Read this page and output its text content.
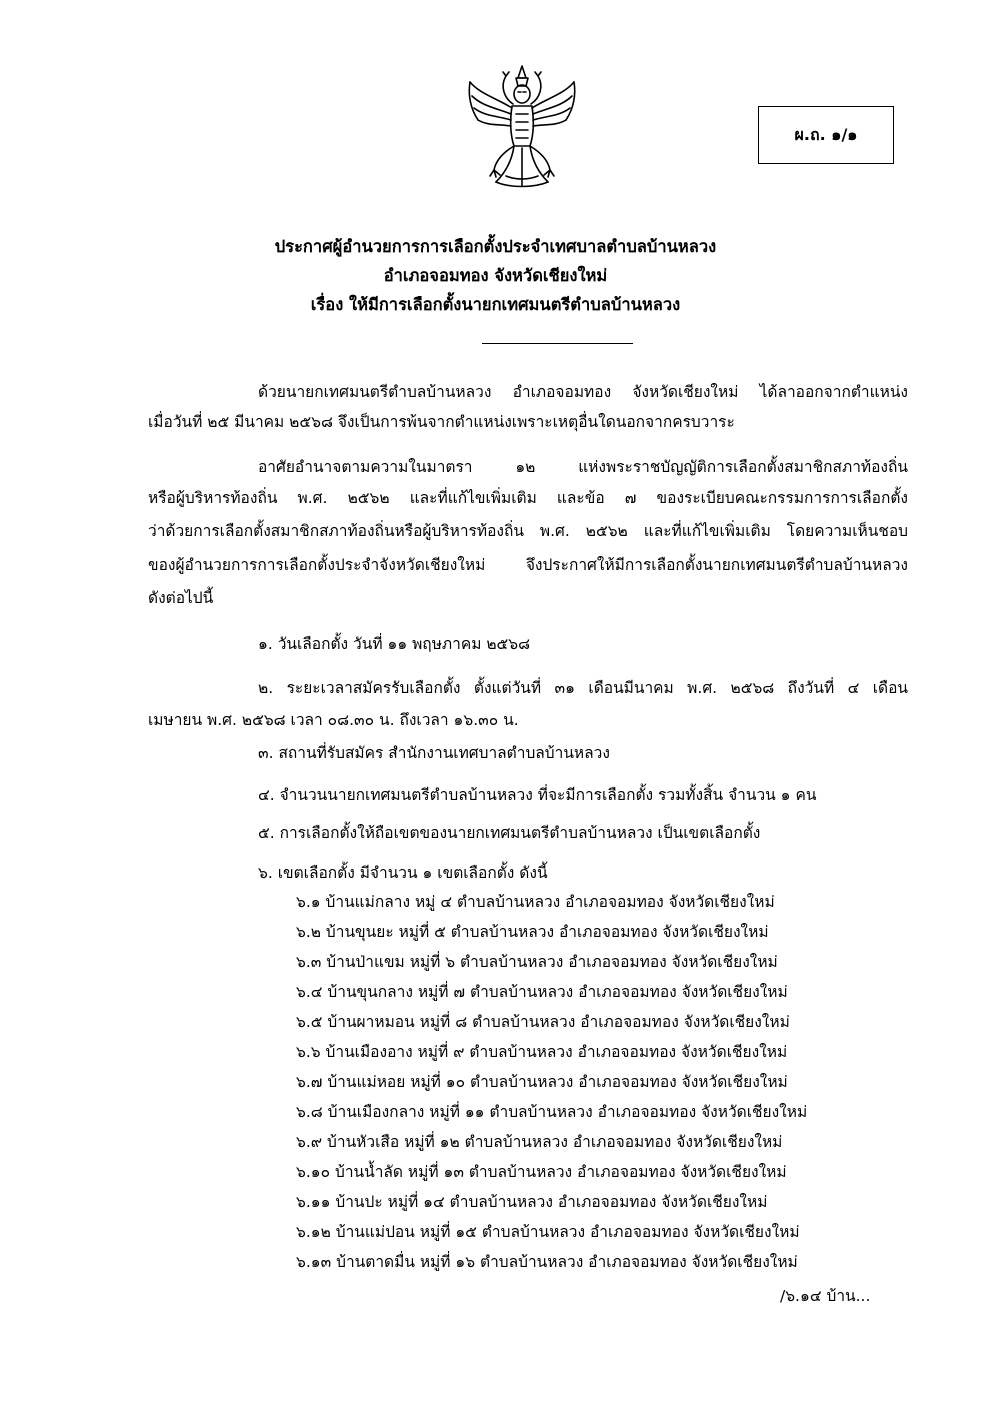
ผ.ถ. ๑/๑
ประกาศผู้อำนวยการการเลือกตั้งประจำเทศบาลตำบลบ้านหลวง
อำเภอจอมทอง จังหวัดเชียงใหม่
เรื่อง ให้มีการเลือกตั้งนายกเทศมนตรีตำบลบ้านหลวง
ด้วยนายกเทศมนตรีตำบลบ้านหลวง อำเภอจอมทอง จังหวัดเชียงใหม่ ได้ลาออกจากตำแหน่ง
เมื่อวันที่ ๒๕ มีนาคม ๒๕๖๘ จึงเป็นการพ้นจากตำแหน่งเพราะเหตุอื่นใดนอกจากครบวาระ
อาศัยอำนาจตามความในมาตรา ๑๒ แห่งพระราชบัญญัติการเลือกตั้งสมาชิกสภาท้องถิ่น
หรือผู้บริหารท้องถิ่น พ.ศ. ๒๕๖๒ และที่แก้ไขเพิ่มเติม และข้อ ๗ ของระเบียบคณะกรรมการการเลือกตั้ง
ว่าด้วยการเลือกตั้งสมาชิกสภาท้องถิ่นหรือผู้บริหารท้องถิ่น พ.ศ. ๒๕๖๒ และที่แก้ไขเพิ่มเติม โดยความเห็นชอบ
ของผู้อำนวยการการเลือกตั้งประจำจังหวัดเชียงใหม่ จึงประกาศให้มีการเลือกตั้งนายกเทศมนตรีตำบลบ้านหลวง
ดังต่อไปนี้
๑. วันเลือกตั้ง วันที่ ๑๑ พฤษภาคม ๒๕๖๘
๒. ระยะเวลาสมัครรับเลือกตั้ง ตั้งแต่วันที่ ๓๑ เดือนมีนาคม พ.ศ. ๒๕๖๘ ถึงวันที่ ๔ เดือน
เมษายน พ.ศ. ๒๕๖๘ เวลา ๐๘.๓๐ น. ถึงเวลา ๑๖.๓๐ น.
๓. สถานที่รับสมัคร สำนักงานเทศบาลตำบลบ้านหลวง
๔. จำนวนนายกเทศมนตรีตำบลบ้านหลวง ที่จะมีการเลือกตั้ง รวมทั้งสิ้น จำนวน ๑ คน
๕. การเลือกตั้งให้ถือเขตของนายกเทศมนตรีตำบลบ้านหลวง เป็นเขตเลือกตั้ง
๖. เขตเลือกตั้ง มีจำนวน ๑ เขตเลือกตั้ง ดังนี้
๖.๑ บ้านแม่กลาง หมู่ ๔ ตำบลบ้านหลวง อำเภอจอมทอง จังหวัดเชียงใหม่
๖.๒ บ้านขุนยะ หมู่ที่ ๕ ตำบลบ้านหลวง อำเภอจอมทอง จังหวัดเชียงใหม่
๖.๓ บ้านป่าแขม หมู่ที่ ๖ ตำบลบ้านหลวง อำเภอจอมทอง จังหวัดเชียงใหม่
๖.๔ บ้านขุนกลาง หมู่ที่ ๗ ตำบลบ้านหลวง อำเภอจอมทอง จังหวัดเชียงใหม่
๖.๕ บ้านผาหมอน หมู่ที่ ๘ ตำบลบ้านหลวง อำเภอจอมทอง จังหวัดเชียงใหม่
๖.๖ บ้านเมืองอาง หมู่ที่ ๙ ตำบลบ้านหลวง อำเภอจอมทอง จังหวัดเชียงใหม่
๖.๗ บ้านแม่หอย หมู่ที่ ๑๐ ตำบลบ้านหลวง อำเภอจอมทอง จังหวัดเชียงใหม่
๖.๘ บ้านเมืองกลาง หมู่ที่ ๑๑ ตำบลบ้านหลวง อำเภอจอมทอง จังหวัดเชียงใหม่
๖.๙ บ้านหัวเสือ หมู่ที่ ๑๒ ตำบลบ้านหลวง อำเภอจอมทอง จังหวัดเชียงใหม่
๖.๑๐ บ้านน้ำลัด หมู่ที่ ๑๓ ตำบลบ้านหลวง อำเภอจอมทอง จังหวัดเชียงใหม่
๖.๑๑ บ้านปะ หมู่ที่ ๑๔ ตำบลบ้านหลวง อำเภอจอมทอง จังหวัดเชียงใหม่
๖.๑๒ บ้านแม่ปอน หมู่ที่ ๑๕ ตำบลบ้านหลวง อำเภอจอมทอง จังหวัดเชียงใหม่
๖.๑๓ บ้านตาดมื่น หมู่ที่ ๑๖ ตำบลบ้านหลวง อำเภอจอมทอง จังหวัดเชียงใหม่
/๖.๑๔ บ้าน...
